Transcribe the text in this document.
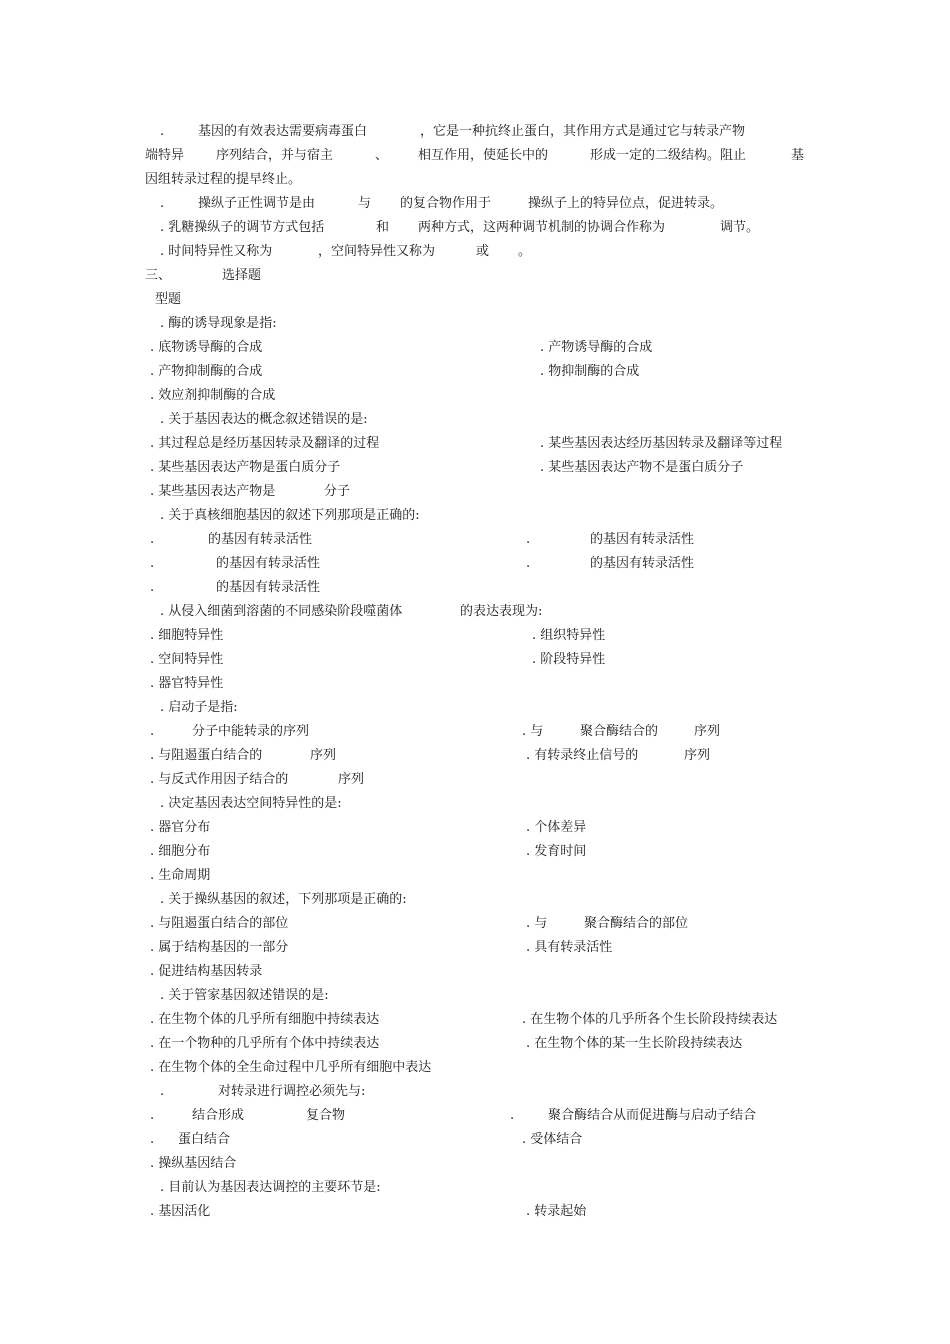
.	基因的有效表达需要病毒蛋白	，它是一种抗终止蛋白，其作用方式是通过它与转录产物
端特异 序列结合，并与宿主	、 相互作用，使延长中的	形成一定的二级结构。阻止	基
因组转录过程的提早终止。
.	操纵子正性调节是由	与 的复合物作用于	操纵子上的特异位点，促进转录。
. 乳糖操纵子的调节方式包括	和 两种方式，这两种调节机制的协调合作称为	调节。
. 时间特异性又称为	，空间特异性又称为	或 。
三、	选择题
型题
. 酶的诱导现象是指:
. 底物诱导酶的合成	. 产物诱导酶的合成
. 产物抑制酶的合成	. 物抑制酶的合成
. 效应剂抑制酶的合成
. 关于基因表达的概念叙述错误的是:
. 其过程总是经历基因转录及翻译的过程	. 某些基因表达经历基因转录及翻译等过程
. 某些基因表达产物是蛋白质分子	. 某些基因表达产物不是蛋白质分子
. 某些基因表达产物是	分子
. 关于真核细胞基因的叙述下列那项是正确的:
.	的基因有转录活性	.	的基因有转录活性
.	的基因有转录活性	.	的基因有转录活性
.	的基因有转录活性
. 从侵入细菌到溶菌的不同感染阶段噬菌体	的表达表现为:
. 细胞特异性	. 组织特异性
. 空间特异性	. 阶段特异性
. 器官特异性
. 启动子是指:
.	分子中能转录的序列	. 与	聚合酶结合的	序列
. 与阻遏蛋白结合的	序列	. 有转录终止信号的	序列
. 与反式作用因子结合的	序列
. 决定基因表达空间特异性的是:
. 器官分布	. 个体差异
. 细胞分布	. 发育时间
. 生命周期
. 关于操纵基因的叙述，下列那项是正确的:
. 与阻遏蛋白结合的部位	. 与	聚合酶结合的部位
. 属于结构基因的一部分	. 具有转录活性
. 促进结构基因转录
. 关于管家基因叙述错误的是:
. 在生物个体的几乎所有细胞中持续表达	. 在生物个体的几乎所各个生长阶段持续表达
. 在一个物种的几乎所有个体中持续表达	. 在生物个体的某一生长阶段持续表达
. 在生物个体的全生命过程中几乎所有细胞中表达
.	对转录进行调控必须先与:
.	结合形成	复合物	.	聚合酶结合从而促进酶与启动子结合
. 蛋白结合	. 受体结合
. 操纵基因结合
. 目前认为基因表达调控的主要环节是:
. 基因活化	. 转录起始
